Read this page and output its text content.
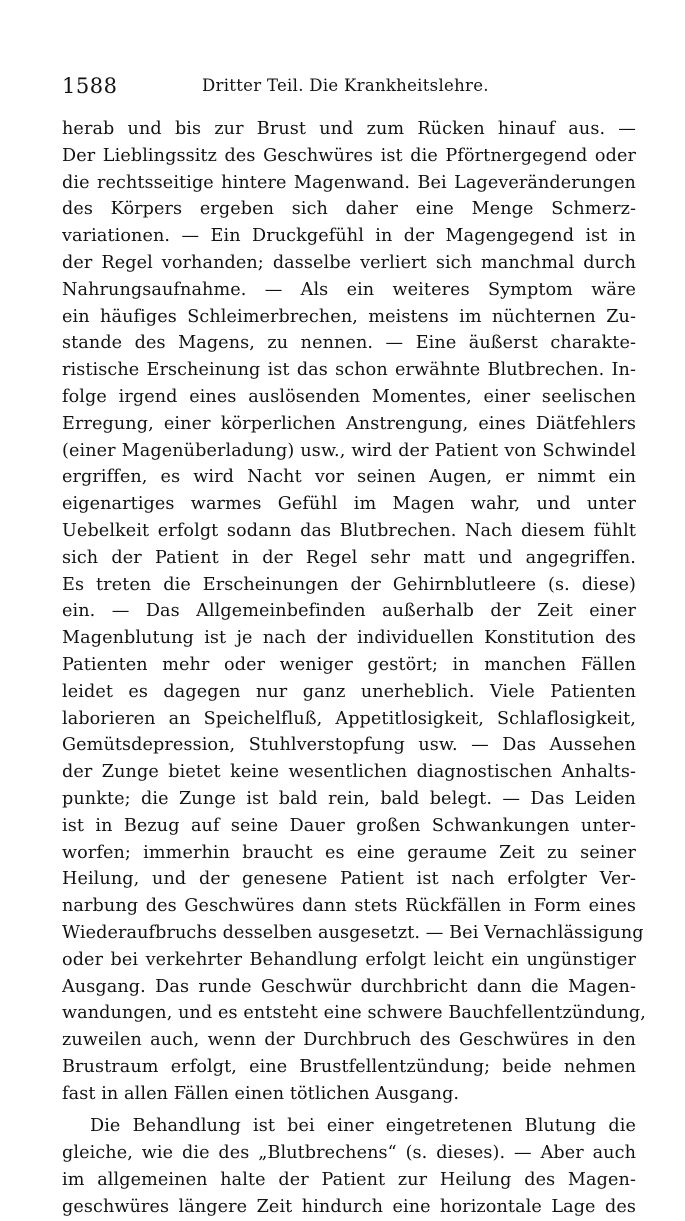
1588	Dritter Teil. Die Krankheitslehre.
herab und bis zur Brust und zum Rücken hinauf aus. —
Der Lieblingssitz des Geschwüres ist die Pförtnergegend oder
die rechtsseitige hintere Magenwand. Bei Lageveränderungen
des Körpers ergeben sich daher eine Menge Schmerz-
variationen. — Ein Druckgefühl in der Magengegend ist in
der Regel vorhanden; dasselbe verliert sich manchmal durch
Nahrungsaufnahme. — Als ein weiteres Symptom wäre
ein häufiges Schleimerbrechen, meistens im nüchternen Zu-
stande des Magens, zu nennen. — Eine äußerst charakte-
ristische Erscheinung ist das schon erwähnte Blutbrechen. In-
folge irgend eines auslösenden Momentes, einer seelischen
Erregung, einer körperlichen Anstrengung, eines Diätfehlers
(einer Magenüberladung) usw., wird der Patient von Schwindel
ergriffen, es wird Nacht vor seinen Augen, er nimmt ein
eigenartiges warmes Gefühl im Magen wahr, und unter
Uebelkeit erfolgt sodann das Blutbrechen. Nach diesem fühlt
sich der Patient in der Regel sehr matt und angegriffen.
Es treten die Erscheinungen der Gehirnblutleere (s. diese)
ein. — Das Allgemeinbefinden außerhalb der Zeit einer
Magenblutung ist je nach der individuellen Konstitution des
Patienten mehr oder weniger gestört; in manchen Fällen
leidet es dagegen nur ganz unerheblich. Viele Patienten
laborieren an Speichelfluß, Appetitlosigkeit, Schlaflosigkeit,
Gemütsdepression, Stuhlverstopfung usw. — Das Aussehen
der Zunge bietet keine wesentlichen diagnostischen Anhalts-
punkte; die Zunge ist bald rein, bald belegt. — Das Leiden
ist in Bezug auf seine Dauer großen Schwankungen unter-
worfen; immerhin braucht es eine geraume Zeit zu seiner
Heilung, und der genesene Patient ist nach erfolgter Ver-
narbung des Geschwüres dann stets Rückfällen in Form eines
Wiederaufbruchs desselben ausgesetzt. — Bei Vernachlässigung
oder bei verkehrter Behandlung erfolgt leicht ein ungünstiger
Ausgang. Das runde Geschwür durchbricht dann die Magen-
wandungen, und es entsteht eine schwere Bauchfellentzündung,
zuweilen auch, wenn der Durchbruch des Geschwüres in den
Brustraum erfolgt, eine Brustfellentzündung; beide nehmen
fast in allen Fällen einen tötlichen Ausgang.
Die Behandlung ist bei einer eingetretenen Blutung die
gleiche, wie die des „Blutbrechens“ (s. dieses). — Aber auch
im allgemeinen halte der Patient zur Heilung des Magen-
geschwüres längere Zeit hindurch eine horizontale Lage des
